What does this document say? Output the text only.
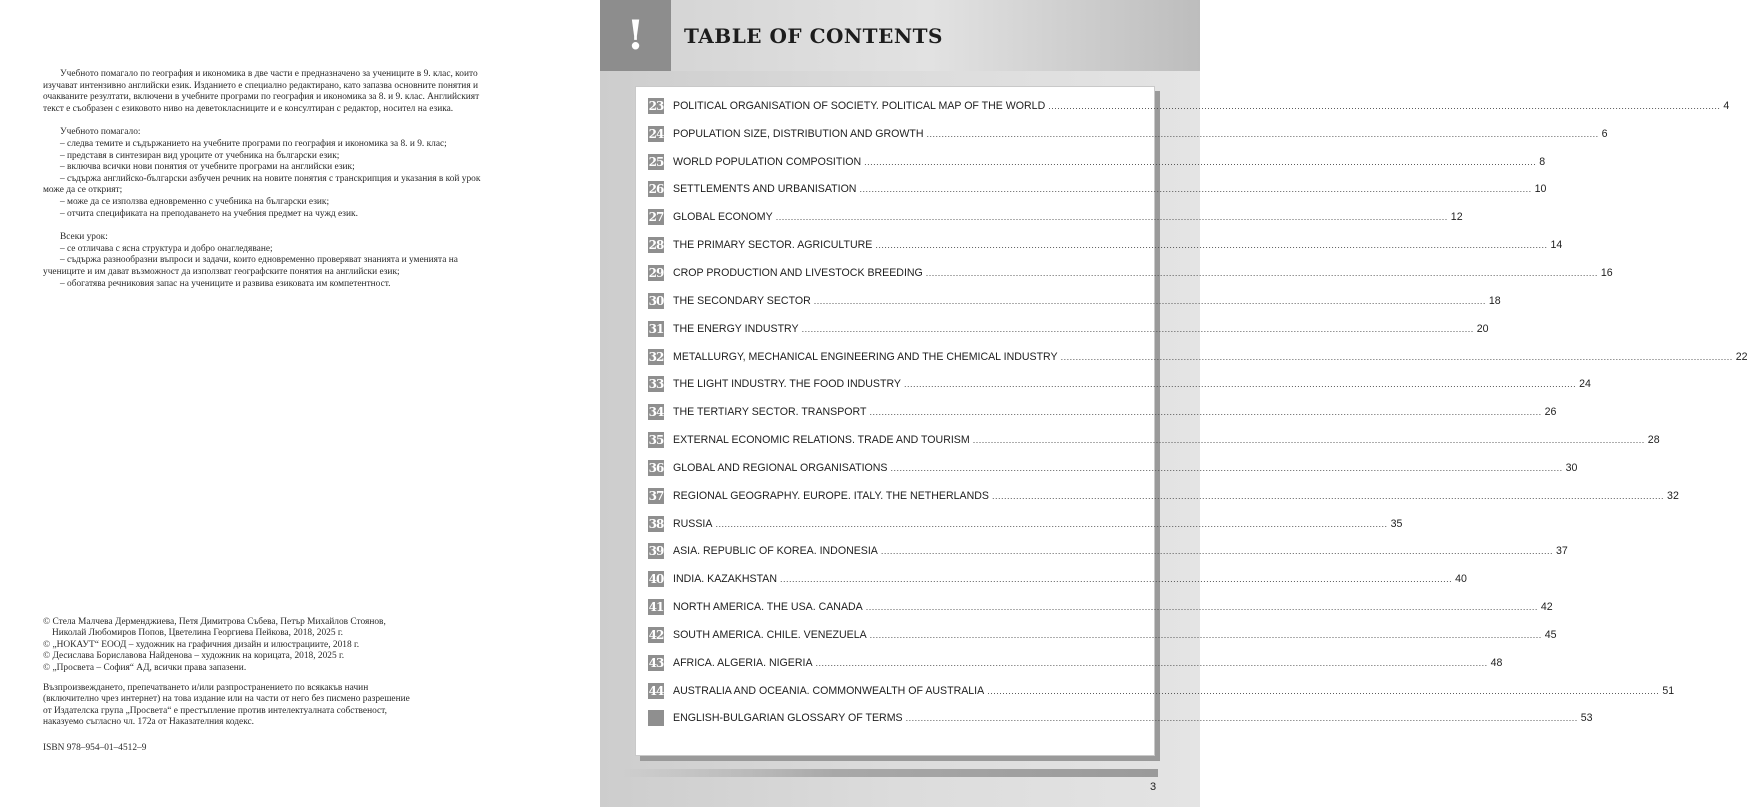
Учебното помагало по география и икономика в две части е предназначено за учениците в 9. клас, които

изучават интензивно английски език. Изданието е специално редактирано, като запазва основните понятия и

очакваните резултати, включени в учебните програми по география и икономика за 8. и 9. клас. Английският

текст е съобразен с езиковото ниво на деветокласниците и е консултиран с редактор, носител на езика.

Учебното помагало:

– следва темите и съдържанието на учебните програми по география и икономика за 8. и 9. клас;

– представя в синтезиран вид уроците от учебника на български език;

– включва всички нови понятия от учебните програми на английски език;

– съдържа английско-български азбучен речник на новите понятия с транскрипция и указания в кой урок

може да се открият;

– може да се използва едновременно с учебника на български език;

– отчита спецификата на преподаването на учебния предмет на чужд език.

Всеки урок:

– се отличава с ясна структура и добро онагледяване;

– съдържа разнообразни въпроси и задачи, които едновременно проверяват знанията и уменията на

учениците и им дават възможност да използват географските понятия на английски език;

– обогатява речниковия запас на учениците и развива езиковата им компетентност.

© Стела Малчева Дерменджиева, Петя Димитрова Събева, Петър Михайлов Стоянов,

Николай Любомиров Попов, Цветелина Георгиева Пейкова, 2018, 2025 г.

© „НОКАУТ“ ЕООД – художник на графичния дизайн и илюстрациите, 2018 г.

© Десислава Бориславова Найденова – художник на корицата, 2018, 2025 г.

© „Просвета – София“ АД, всички права запазени.

Възпроизвеждането, препечатването и/или разпространението по всякакъв начин

(включително чрез интернет) на това издание или на части от него без писмено разрешение

от Издателска група „Просвета“ е престъпление против интелектуалната собственост,

наказуемо съгласно чл. 172а от Наказателния кодекс.

ISBN 978–954–01–4512–9
! TABLE OF CONTENTS
23 POLITICAL ORGANISATION OF SOCIETY. POLITICAL MAP OF THE WORLD .....	4
24 POPULATION SIZE, DISTRIBUTION AND GROWTH .....	6
25 WORLD POPULATION COMPOSITION .....	8
26 SETTLEMENTS AND URBANISATION .....	10
27 GLOBAL ECONOMY .....	12
28 THE PRIMARY SECTOR. AGRICULTURE .....	14
29 CROP PRODUCTION AND LIVESTOCK BREEDING .....	16
30 THE SECONDARY SECTOR .....	18
31 THE ENERGY INDUSTRY .....	20
32 METALLURGY, MECHANICAL ENGINEERING AND THE CHEMICAL INDUSTRY .....	22
33 THE LIGHT INDUSTRY. THE FOOD INDUSTRY .....	24
34 THE TERTIARY SECTOR. TRANSPORT .....	26
35 EXTERNAL ECONOMIC RELATIONS. TRADE AND TOURISM .....	28
36 GLOBAL AND REGIONAL ORGANISATIONS .....	30
37 REGIONAL GEOGRAPHY. EUROPE. ITALY. THE NETHERLANDS .....	32
38 RUSSIA .....	35
39 ASIA. REPUBLIC OF KOREA. INDONESIA .....	37
40 INDIA. KAZAKHSTAN .....	40
41 NORTH AMERICA. THE USA. CANADA .....	42
42 SOUTH AMERICA. CHILE. VENEZUELA .....	45
43 AFRICA. ALGERIA. NIGERIA .....	48
44 AUSTRALIA AND OCEANIA. COMMONWEALTH OF AUSTRALIA .....	51
ENGLISH-BULGARIAN GLOSSARY OF TERMS .....	53
3
